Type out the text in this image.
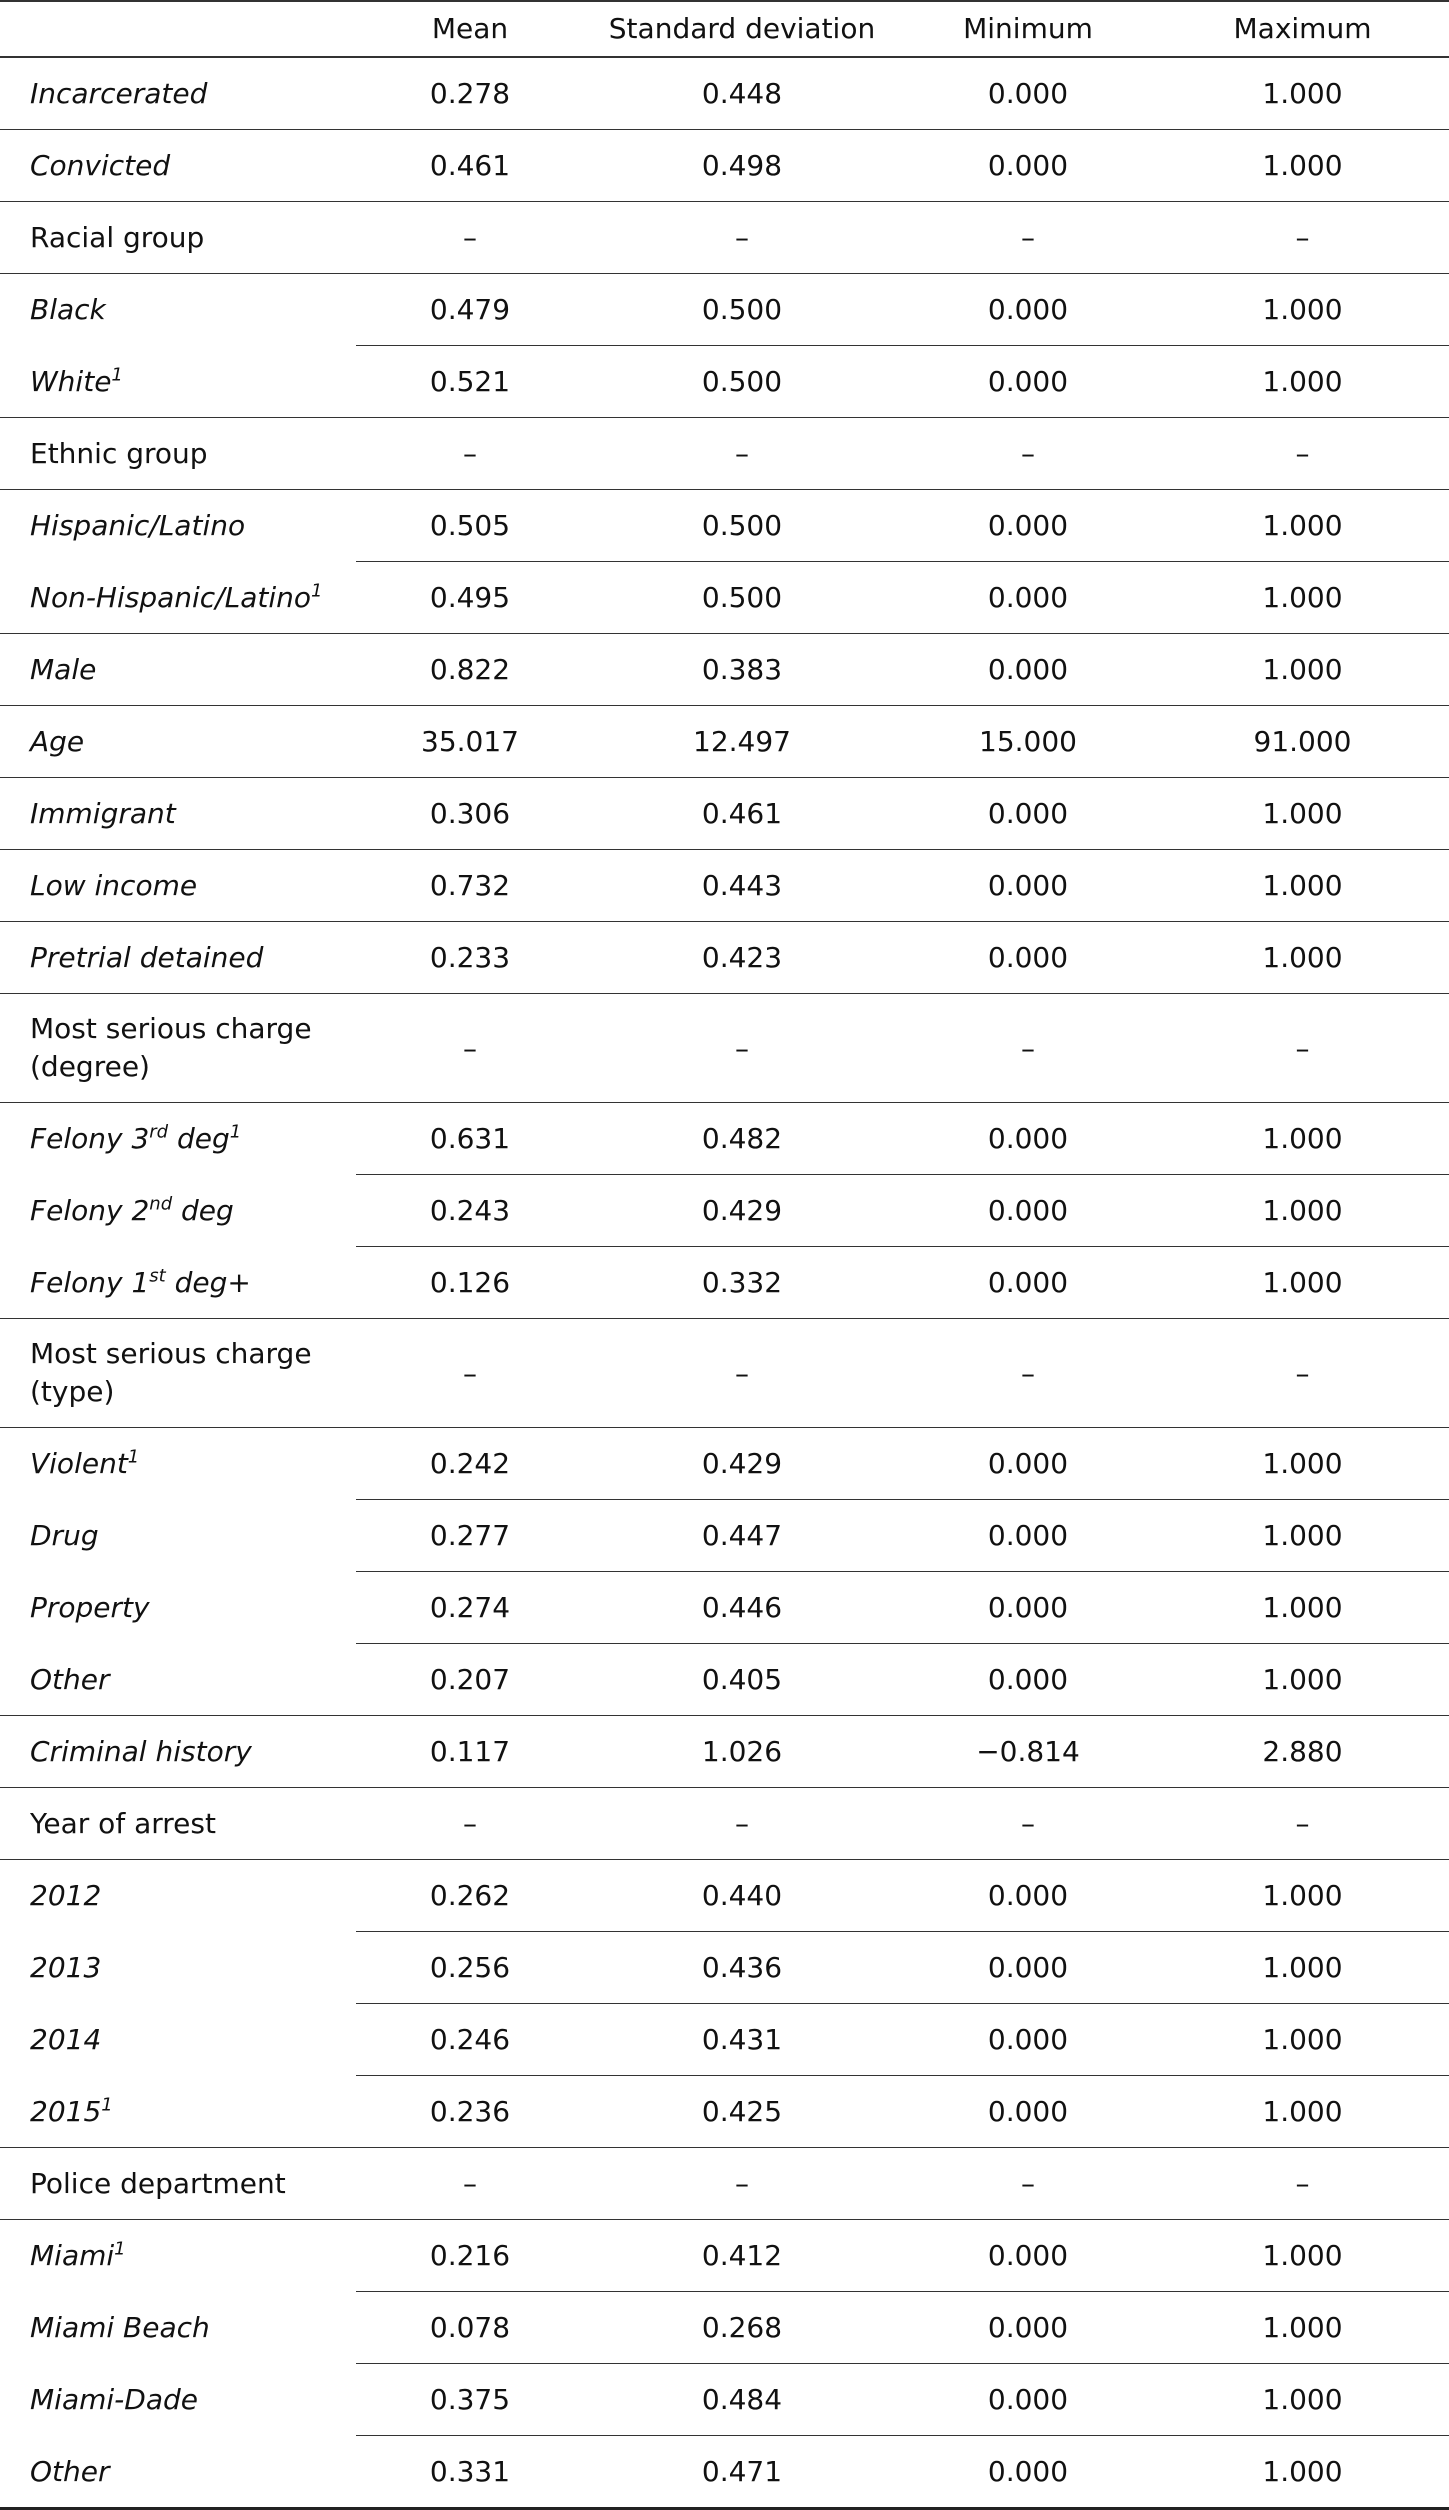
	Mean	Standard deviation	Minimum	Maximum
Incarcerated	0.278	0.448	0.000	1.000
Convicted	0.461	0.498	0.000	1.000
Racial group	–	–	–	–
Black	0.479	0.500	0.000	1.000
White$^1$	0.521	0.500	0.000	1.000
Ethnic group	–	–	–	–
Hispanic/Latino	0.505	0.500	0.000	1.000
Non-Hispanic/Latino$^1$	0.495	0.500	0.000	1.000
Male	0.822	0.383	0.000	1.000
Age	35.017	12.497	15.000	91.000
Immigrant	0.306	0.461	0.000	1.000
Low income	0.732	0.443	0.000	1.000
Pretrial detained	0.233	0.423	0.000	1.000
Most serious charge (degree)	–	–	–	–
Felony 3rd deg$^1$	0.631	0.482	0.000	1.000
Felony 2nd deg	0.243	0.429	0.000	1.000
Felony 1st deg+	0.126	0.332	0.000	1.000
Most serious charge (type)	–	–	–	–
Violent$^1$	0.242	0.429	0.000	1.000
Drug	0.277	0.447	0.000	1.000
Property	0.274	0.446	0.000	1.000
Other	0.207	0.405	0.000	1.000
Criminal history	0.117	1.026	−0.814	2.880
Year of arrest	–	–	–	–
2012	0.262	0.440	0.000	1.000
2013	0.256	0.436	0.000	1.000
2014	0.246	0.431	0.000	1.000
2015$^1$	0.236	0.425	0.000	1.000
Police department	–	–	–	–
Miami$^1$	0.216	0.412	0.000	1.000
Miami Beach	0.078	0.268	0.000	1.000
Miami-Dade	0.375	0.484	0.000	1.000
Other	0.331	0.471	0.000	1.000
